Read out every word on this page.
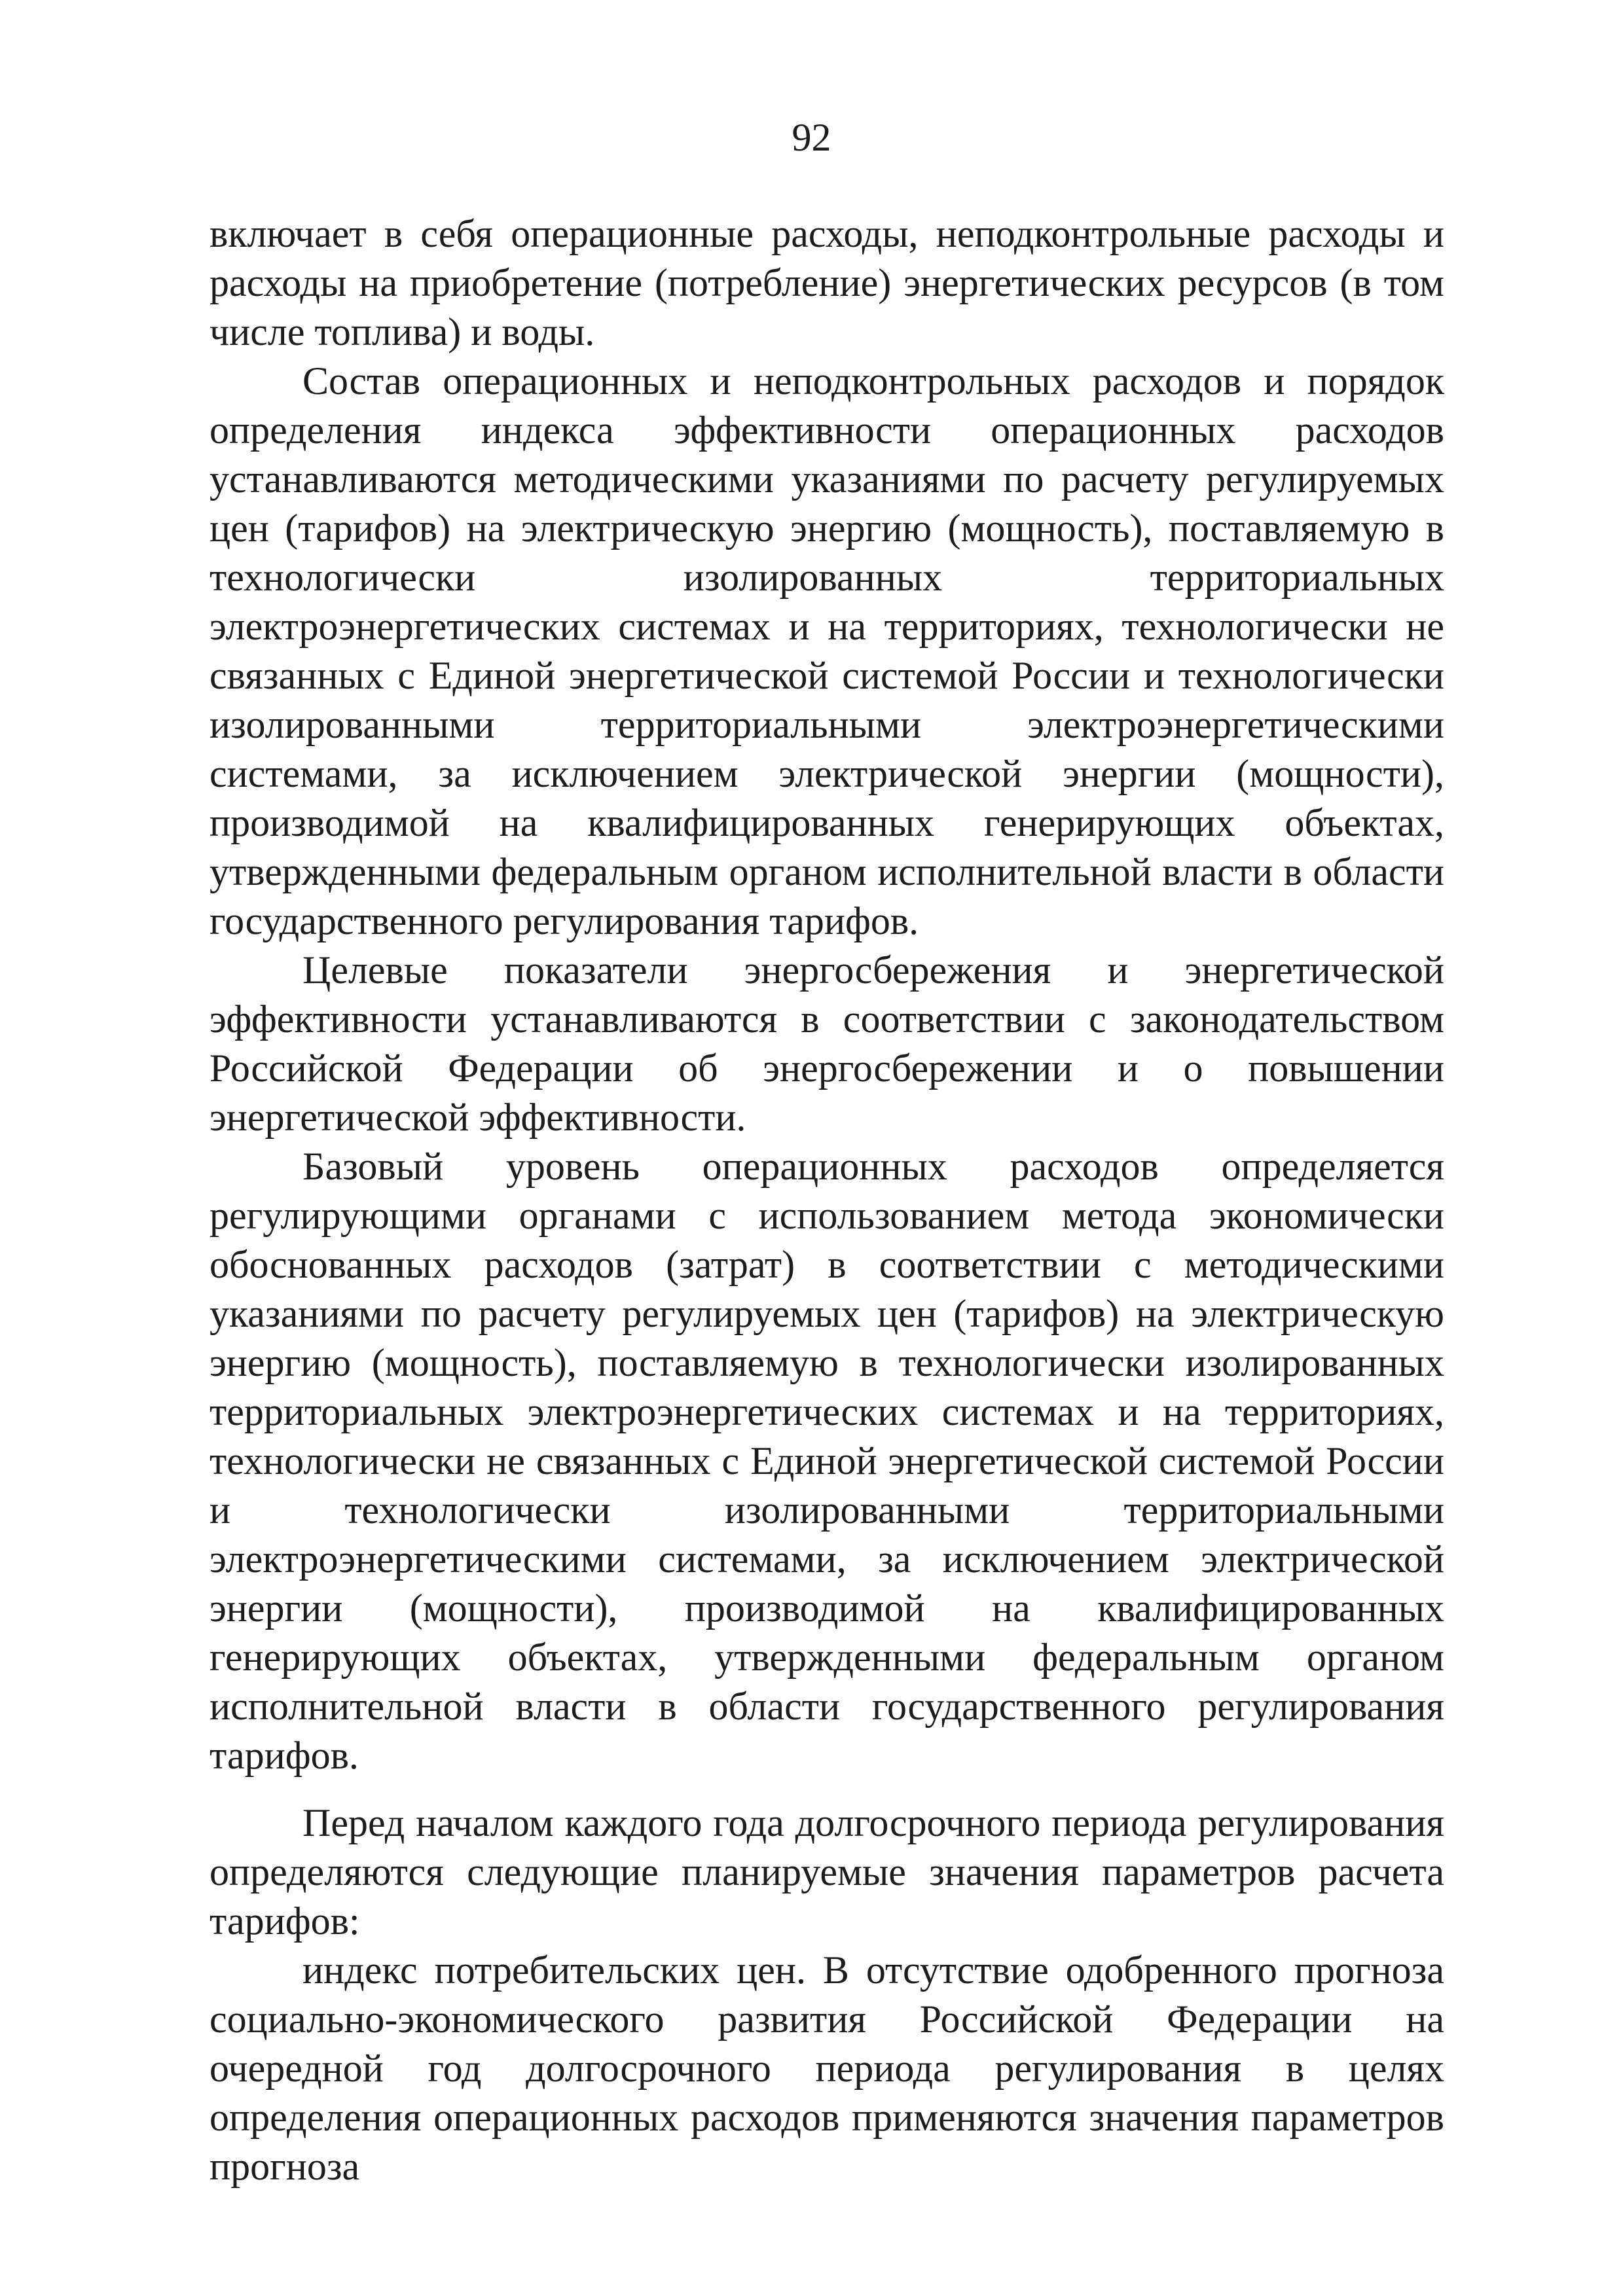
92

включает в себя операционные расходы, неподконтрольные расходы и расходы на приобретение (потребление) энергетических ресурсов (в том числе топлива) и воды.

Состав операционных и неподконтрольных расходов и порядок определения индекса эффективности операционных расходов устанавливаются методическими указаниями по расчету регулируемых цен (тарифов) на электрическую энергию (мощность), поставляемую в технологически изолированных территориальных электроэнергетических системах и на территориях, технологически не связанных с Единой энергетической системой России и технологически изолированными территориальными электроэнергетическими системами, за исключением электрической энергии (мощности), производимой на квалифицированных генерирующих объектах, утвержденными федеральным органом исполнительной власти в области государственного регулирования тарифов.

Целевые показатели энергосбережения и энергетической эффективности устанавливаются в соответствии с законодательством Российской Федерации об энергосбережении и о повышении энергетической эффективности.

Базовый уровень операционных расходов определяется регулирующими органами с использованием метода экономически обоснованных расходов (затрат) в соответствии с методическими указаниями по расчету регулируемых цен (тарифов) на электрическую энергию (мощность), поставляемую в технологически изолированных территориальных электроэнергетических системах и на территориях, технологически не связанных с Единой энергетической системой России и технологически изолированными территориальными электроэнергетическими системами, за исключением электрической энергии (мощности), производимой на квалифицированных генерирующих объектах, утвержденными федеральным органом исполнительной власти в области государственного регулирования тарифов.

Перед началом каждого года долгосрочного периода регулирования определяются следующие планируемые значения параметров расчета тарифов:

индекс потребительских цен. В отсутствие одобренного прогноза социально-экономического развития Российской Федерации на очередной год долгосрочного периода регулирования в целях определения операционных расходов применяются значения параметров прогноза
